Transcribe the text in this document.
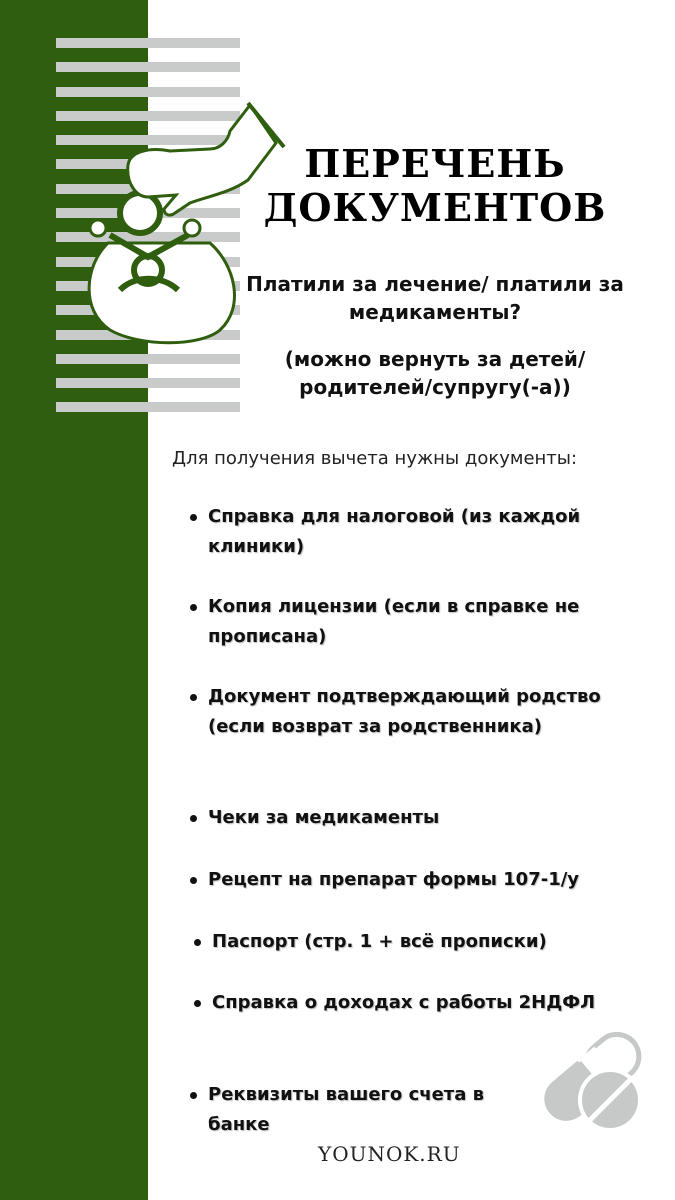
ПЕРЕЧЕНЬ ДОКУМЕНТОВ
Платили за лечение/ платили за медикаменты?
(можно вернуть за детей/ родителей/супругу(-а))
Для получения вычета нужны документы:
Справка для налоговой (из каждой клиники)
Копия лицензии (если в справке не прописана)
Документ подтверждающий родство (если возврат за родственника)
Чеки за медикаменты
Рецепт на препарат формы 107-1/у
Паспорт (стр. 1 + всё прописки)
Справка о доходах с работы 2НДФЛ
Реквизиты вашего счета в банке
YOUNOK.RU
